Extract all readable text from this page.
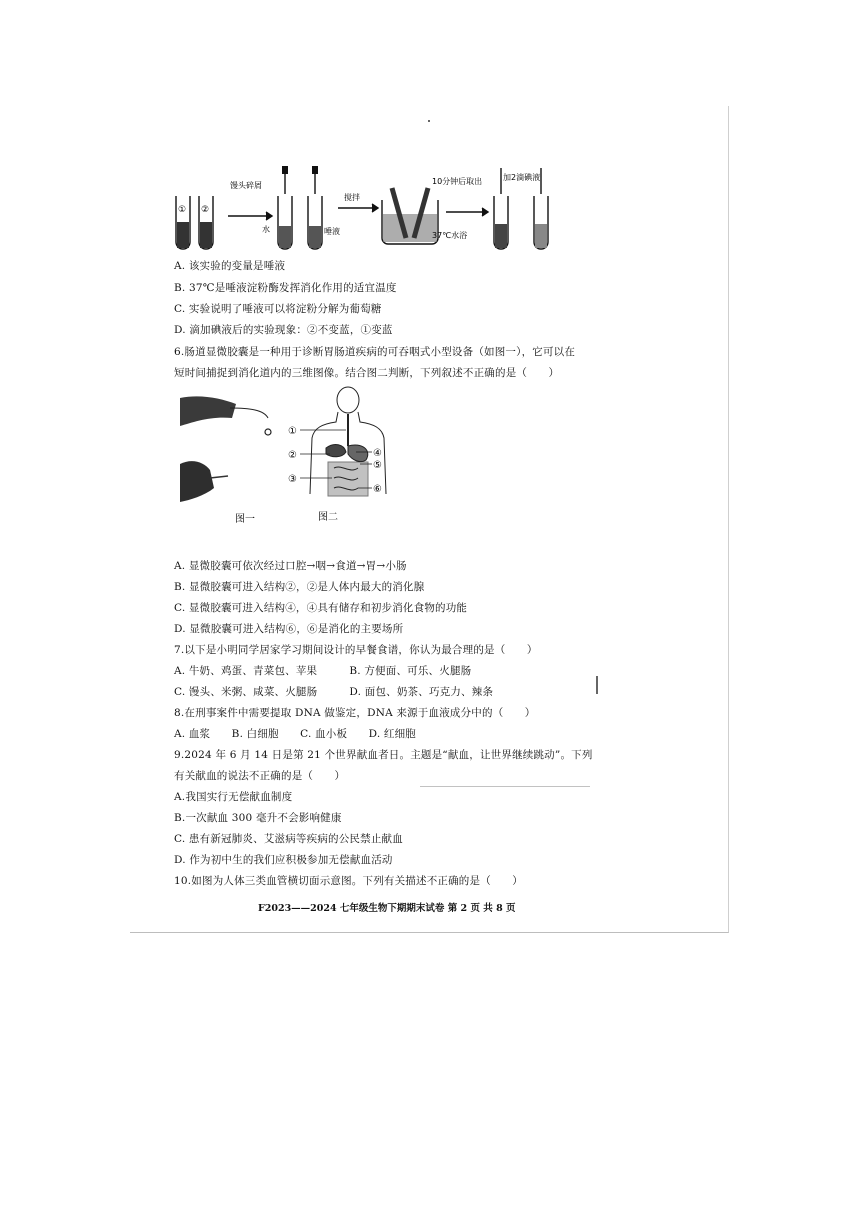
① ②
馒头碎屑
水	唾液
搅拌
10分钟后取出
37℃水浴
加2滴碘液
A. 该实验的变量是唾液
B. 37℃是唾液淀粉酶发挥消化作用的适宜温度
C. 实验说明了唾液可以将淀粉分解为葡萄糖
D. 滴加碘液后的实验现象：②不变蓝，①变蓝
6.肠道显微胶囊是一种用于诊断胃肠道疾病的可吞咽式小型设备（如图一），它可以在
短时间捕捉到消化道内的三维图像。结合图二判断，下列叙述不正确的是（　　）
图一
①
②
③
④
⑤
⑥
图二
A. 显微胶囊可依次经过口腔→咽→食道→胃→小肠
B. 显微胶囊可进入结构②，②是人体内最大的消化腺
C. 显微胶囊可进入结构④，④具有储存和初步消化食物的功能
D. 显微胶囊可进入结构⑥，⑥是消化的主要场所
7.以下是小明同学居家学习期间设计的早餐食谱，你认为最合理的是（　　）
A. 牛奶、鸡蛋、青菜包、苹果　　　B. 方便面、可乐、火腿肠
C. 馒头、米粥、咸菜、火腿肠　　　D. 面包、奶茶、巧克力、辣条
8.在刑事案件中需要提取 DNA 做鉴定，DNA 来源于血液成分中的（　　）
A. 血浆　　B. 白细胞　　C. 血小板　　D. 红细胞
9.2024 年 6 月 14 日是第 21 个世界献血者日。主题是“献血，让世界继续跳动”。下列
有关献血的说法不正确的是（　　）
A.我国实行无偿献血制度
B.一次献血 300 毫升不会影响健康
C. 患有新冠肺炎、艾滋病等疾病的公民禁止献血
D. 作为初中生的我们应积极参加无偿献血活动
10.如图为人体三类血管横切面示意图。下列有关描述不正确的是（　　）
F2023——2024 七年级生物下期期末试卷 第 2 页 共 8 页
